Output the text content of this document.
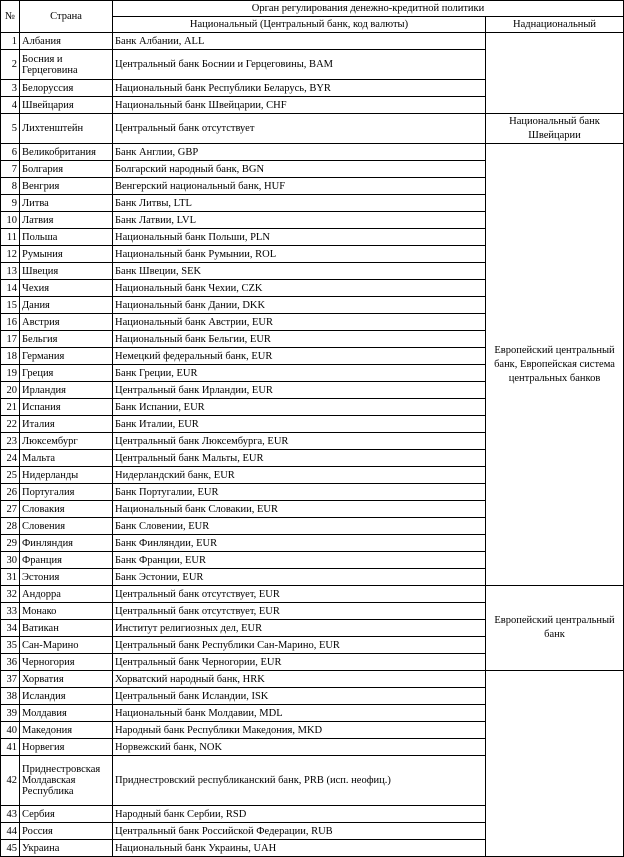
№	Страна	Орган регулирования денежно-кредитной политики	
		Национальный (Центральный банк, код валюты)	Наднациональный
1	Албания	Банк Албании, ALL	
2	Босния и Герцеговина	Центральный банк Боснии и Герцеговины, BAM	
3	Белоруссия	Национальный банк Республики Беларусь, BYR	
4	Швейцария	Национальный банк Швейцарии, CHF	
5	Лихтенштейн	Центральный банк отсутствует	Национальный банк Швейцарии
6	Великобритания	Банк Англии, GBP	Европейский центральный банк, Европейская система центральных банков
7	Болгария	Болгарский народный банк, BGN	
8	Венгрия	Венгерский национальный банк, HUF	
9	Литва	Банк Литвы, LTL	
10	Латвия	Банк Латвии, LVL	
11	Польша	Национальный банк Польши, PLN	
12	Румыния	Национальный банк Румынии, ROL	
13	Швеция	Банк Швеции, SEK	
14	Чехия	Национальный банк Чехии, CZK	
15	Дания	Национальный банк Дании, DKK	
16	Австрия	Национальный банк Австрии, EUR	
17	Бельгия	Национальный банк Бельгии, EUR	
18	Германия	Немецкий федеральный банк, EUR	
19	Греция	Банк Греции, EUR	
20	Ирландия	Центральный банк Ирландии, EUR	
21	Испания	Банк Испании, EUR	
22	Италия	Банк Италии, EUR	
23	Люксембург	Центральный банк Люксембурга, EUR	
24	Мальта	Центральный банк Мальты, EUR	
25	Нидерланды	Нидерландский банк, EUR	
26	Португалия	Банк Португалии, EUR	
27	Словакия	Национальный банк Словакии, EUR	
28	Словения	Банк Словении, EUR	
29	Финляндия	Банк Финляндии, EUR	
30	Франция	Банк Франции, EUR	
31	Эстония	Банк Эстонии, EUR	
32	Андорра	Центральный банк отсутствует, EUR	Европейский центральный банк
33	Монако	Центральный банк отсутствует, EUR	
34	Ватикан	Институт религиозных дел, EUR	
35	Сан-Марино	Центральный банк Республики Сан-Марино, EUR	
36	Черногория	Центральный банк Черногории, EUR	
37	Хорватия	Хорватский народный банк, HRK	
38	Исландия	Центральный банк Исландии, ISK	
39	Молдавия	Национальный банк Молдавии, MDL	
40	Македония	Народный банк Республики Македония, MKD	
41	Норвегия	Норвежский банк, NOK	
42	Приднестровская Молдавская Республика	Приднестровский республиканский банк, PRB (исп. неофиц.)	
43	Сербия	Народный банк Сербии, RSD	
44	Россия	Центральный банк Российской Федерации, RUB	
45	Украина	Национальный банк Украины, UAH	
